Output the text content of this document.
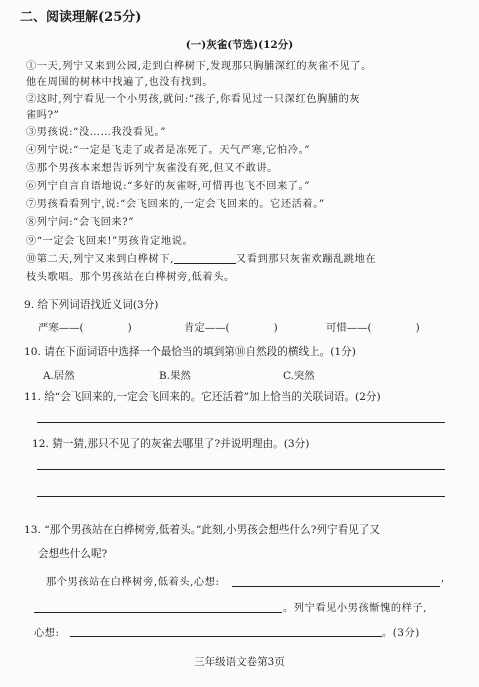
二、阅读理解(25分)
(一)灰雀(节选)(12分)
①一天,列宁又来到公园,走到白桦树下,发现那只胸脯深红的灰雀不见了。
他在周围的树林中找遍了,也没有找到。
②这时,列宁看见一个小男孩,就问:“孩子,你看见过一只深红色胸脯的灰
雀吗?”
③男孩说:“没……我没看见。”
④列宁说:“一定是飞走了或者是冻死了。天气严寒,它怕冷。”
⑤那个男孩本来想告诉列宁灰雀没有死,但又不敢讲。
⑥列宁自言自语地说:“多好的灰雀呀,可惜再也飞不回来了。”
⑦男孩看看列宁,说:“会飞回来的,一定会飞回来的。它还活着。”
⑧列宁问:“会飞回来?”
⑨“一定会飞回来!”男孩肯定地说。
⑩第二天,列宁又来到白桦树下,	又看到那只灰雀欢蹦乱跳地在
枝头歌唱。那个男孩站在白桦树旁,低着头。
9. 给下列词语找近义词(3分)
严寒——(	)	肯定——(	)	可惜——(	)
10. 请在下面词语中选择一个最恰当的填到第⑩自然段的横线上。(1分)
A.居然	B.果然	C.突然
11. 给“会飞回来的,一定会飞回来的。它还活着”加上恰当的关联词语。(2分)
12. 猜一猜,那只不见了的灰雀去哪里了?并说明理由。(3分)
13. “那个男孩站在白桦树旁,低着头。”此刻,小男孩会想些什么?列宁看见了又
会想些什么呢?
那个男孩站在白桦树旁,低着头,心想:	,
。列宁看见小男孩惭愧的样子,
心想:	。(3分)
三年级语文卷第3页
